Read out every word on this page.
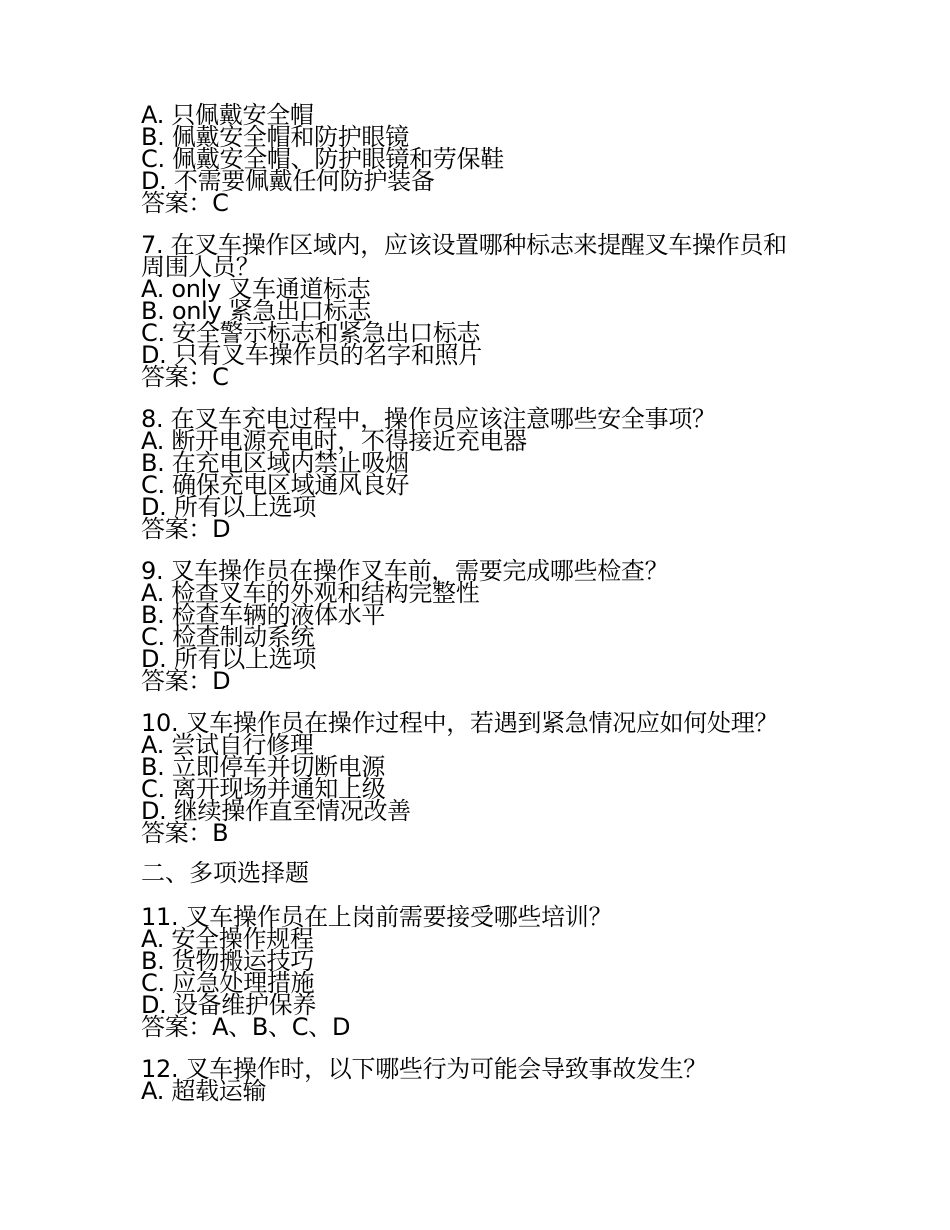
A. 只佩戴安全帽
B. 佩戴安全帽和防护眼镜
C. 佩戴安全帽、防护眼镜和劳保鞋
D. 不需要佩戴任何防护装备
答案：C
7. 在叉车操作区域内，应该设置哪种标志来提醒叉车操作员和周围人员？
A. only 叉车通道标志
B. only 紧急出口标志
C. 安全警示标志和紧急出口标志
D. 只有叉车操作员的名字和照片
答案：C
8. 在叉车充电过程中，操作员应该注意哪些安全事项？
A. 断开电源充电时，不得接近充电器
B. 在充电区域内禁止吸烟
C. 确保充电区域通风良好
D. 所有以上选项
答案：D
9. 叉车操作员在操作叉车前，需要完成哪些检查？
A. 检查叉车的外观和结构完整性
B. 检查车辆的液体水平
C. 检查制动系统
D. 所有以上选项
答案：D
10. 叉车操作员在操作过程中，若遇到紧急情况应如何处理？
A. 尝试自行修理
B. 立即停车并切断电源
C. 离开现场并通知上级
D. 继续操作直至情况改善
答案：B
二、多项选择题
11. 叉车操作员在上岗前需要接受哪些培训？
A. 安全操作规程
B. 货物搬运技巧
C. 应急处理措施
D. 设备维护保养
答案：A、B、C、D
12. 叉车操作时，以下哪些行为可能会导致事故发生？
A. 超载运输
